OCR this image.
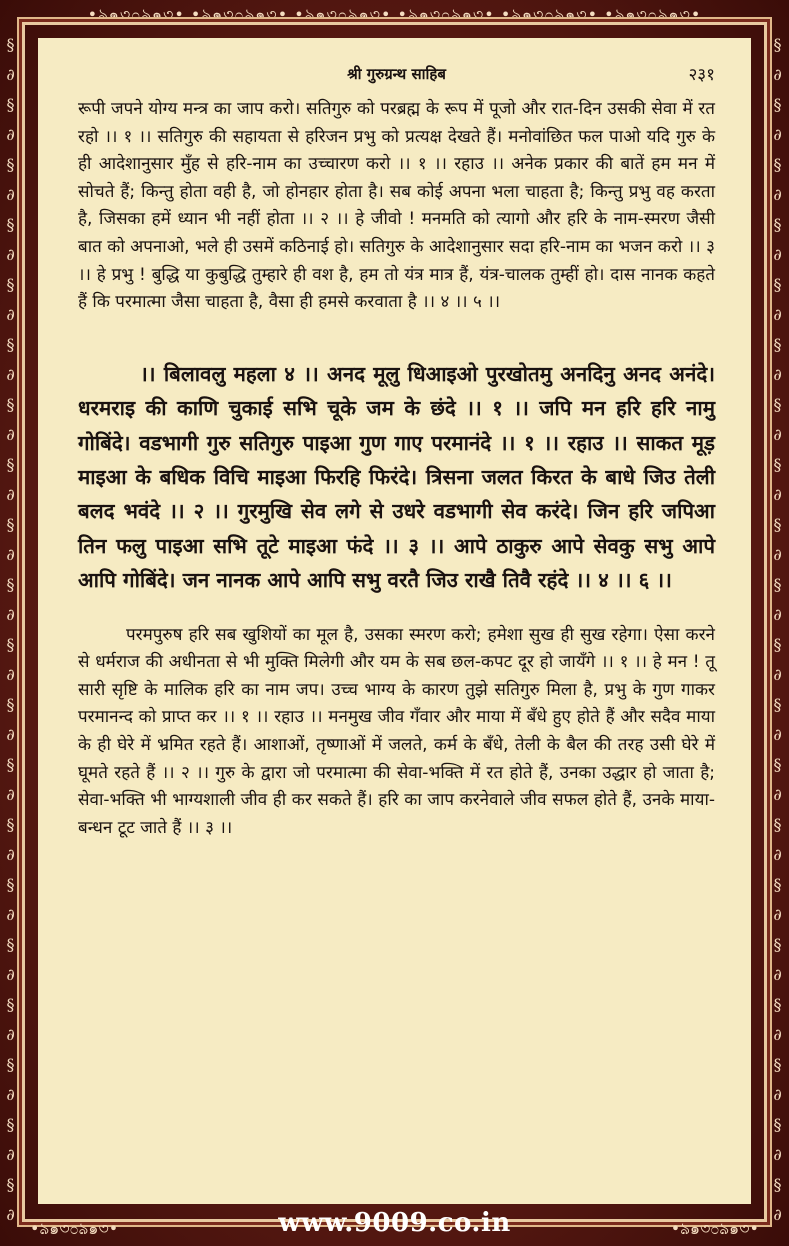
•ঌ๑৩೦ঌ๑৩• •ঌ๑৩೦ঌ๑৩• •ঌ๑৩೦ঌ๑৩• •ঌ๑৩೦ঌ๑৩• •ঌ๑৩೦ঌ๑৩• •ঌ๑৩೦ঌ๑৩•
§ ∂ § ∂ § ∂ § ∂ § ∂ § ∂ § ∂ § ∂ § ∂ § ∂ § ∂ § ∂ § ∂ § ∂ § ∂ § ∂ § ∂ § ∂ § ∂ § ∂
§ ∂ § ∂ § ∂ § ∂ § ∂ § ∂ § ∂ § ∂ § ∂ § ∂ § ∂ § ∂ § ∂ § ∂ § ∂ § ∂ § ∂ § ∂ § ∂ § ∂
श्री गुरुग्रन्थ साहिब	२३१

रूपी जपने योग्य मन्त्र का जाप करो। सतिगुरु को परब्रह्म के रूप में पूजो और रात-दिन उसकी सेवा में रत रहो ।। १ ।। सतिगुरु की सहायता से हरिजन प्रभु को प्रत्यक्ष देखते हैं। मनोवांछित फल पाओ यदि गुरु के ही आदेशानुसार मुँह से हरि-नाम का उच्चारण करो ।। १ ।। रहाउ ।। अनेक प्रकार की बातें हम मन में सोचते हैं; किन्तु होता वही है, जो होनहार होता है। सब कोई अपना भला चाहता है; किन्तु प्रभु वह करता है, जिसका हमें ध्यान भी नहीं होता ।। २ ।। हे जीवो ! मनमति को त्यागो और हरि के नाम-स्मरण जैसी बात को अपनाओ, भले ही उसमें कठिनाई हो। सतिगुरु के आदेशानुसार सदा हरि-नाम का भजन करो ।। ३ ।। हे प्रभु ! बुद्धि या कुबुद्धि तुम्हारे ही वश है, हम तो यंत्र मात्र हैं, यंत्र-चालक तुम्हीं हो। दास नानक कहते हैं कि परमात्मा जैसा चाहता है, वैसा ही हमसे करवाता है ।। ४ ।। ५ ।।

।। बिलावलु महला ४ ।। अनद मूलु धिआइओ पुरखोतमु अनदिनु अनद अनंदे। धरमराइ की काणि चुकाई सभि चूके जम के छंदे ।। १ ।। जपि मन हरि हरि नामु गोबिंदे। वडभागी गुरु सतिगुरु पाइआ गुण गाए परमानंदे ।। १ ।। रहाउ ।। साकत मूड़ माइआ के बधिक विचि माइआ फिरहि फिरंदे। त्रिसना जलत किरत के बाधे जिउ तेली बलद भवंदे ।। २ ।। गुरमुखि सेव लगे से उधरे वडभागी सेव करंदे। जिन हरि जपिआ तिन फलु पाइआ सभि तूटे माइआ फंदे ।। ३ ।। आपे ठाकुरु आपे सेवकु सभु आपे आपि गोबिंदे। जन नानक आपे आपि सभु वरतै जिउ राखै तिवै रहंदे ।। ४ ।। ६ ।।

परमपुरुष हरि सब खुशियों का मूल है, उसका स्मरण करो; हमेशा सुख ही सुख रहेगा। ऐसा करने से धर्मराज की अधीनता से भी मुक्ति मिलेगी और यम के सब छल-कपट दूर हो जायँगे ।। १ ।। हे मन ! तू सारी सृष्टि के मालिक हरि का नाम जप। उच्च भाग्य के कारण तुझे सतिगुरु मिला है, प्रभु के गुण गाकर परमानन्द को प्राप्त कर ।। १ ।। रहाउ ।। मनमुख जीव गँवार और माया में बँधे हुए होते हैं और सदैव माया के ही घेरे में भ्रमित रहते हैं। आशाओं, तृष्णाओं में जलते, कर्म के बँधे, तेली के बैल की तरह उसी घेरे में घूमते रहते हैं ।। २ ।। गुरु के द्वारा जो परमात्मा की सेवा-भक्ति में रत होते हैं, उनका उद्धार हो जाता है; सेवा-भक्ति भी भाग्यशाली जीव ही कर सकते हैं। हरि का जाप करनेवाले जीव सफल होते हैं, उनके माया-बन्धन टूट जाते हैं ।। ३ ।।

•ঌ๑৩೦ঌ๑৩•	www.9009.co.in	•ঌ๑৩೦ঌ๑৩•
